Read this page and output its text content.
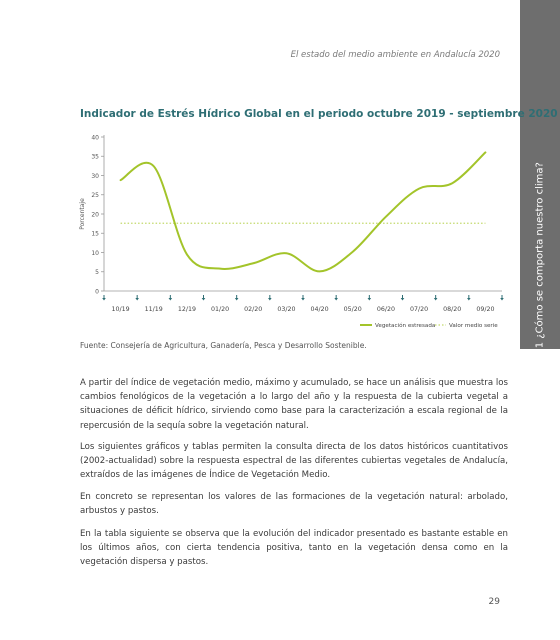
El estado del medio ambiente en Andalucía 2020
1.1 ¿Cómo se comporta nuestro clima?
Indicador de Estrés Hídrico Global en el periodo octubre 2019 - septiembre 2020
0
5
10
15
20
25
30
35
40
Porcentaje
10/19 11/19 12/19 01/20 02/20 03/20 04/20 05/20 06/20 07/20 08/20 09/20
Vegetación estresada Valor medio serie
Fuente: Consejería de Agricultura, Ganadería, Pesca y Desarrollo Sostenible.

A partir del índice de vegetación medio, máximo y acumulado, se hace un análisis que muestra los cambios fenológicos de la vegetación a lo largo del año y la respuesta de la cubierta vegetal a situaciones de déficit hídrico, sirviendo como base para la caracterización a escala regional de la repercusión de la sequía sobre la vegetación natural.

Los siguientes gráficos y tablas permiten la consulta directa de los datos históricos cuantitativos (2002-actualidad) sobre la respuesta espectral de las diferentes cubiertas vegetales de Andalucía, extraídos de las imágenes de Índice de Vegetación Medio.

En concreto se representan los valores de las formaciones de la vegetación natural: arbolado, arbustos y pastos.

En la tabla siguiente se observa que la evolución del indicador presentado es bastante estable en los últimos años, con cierta tendencia positiva, tanto en la vegetación densa como en la vegetación dispersa y pastos.

29
